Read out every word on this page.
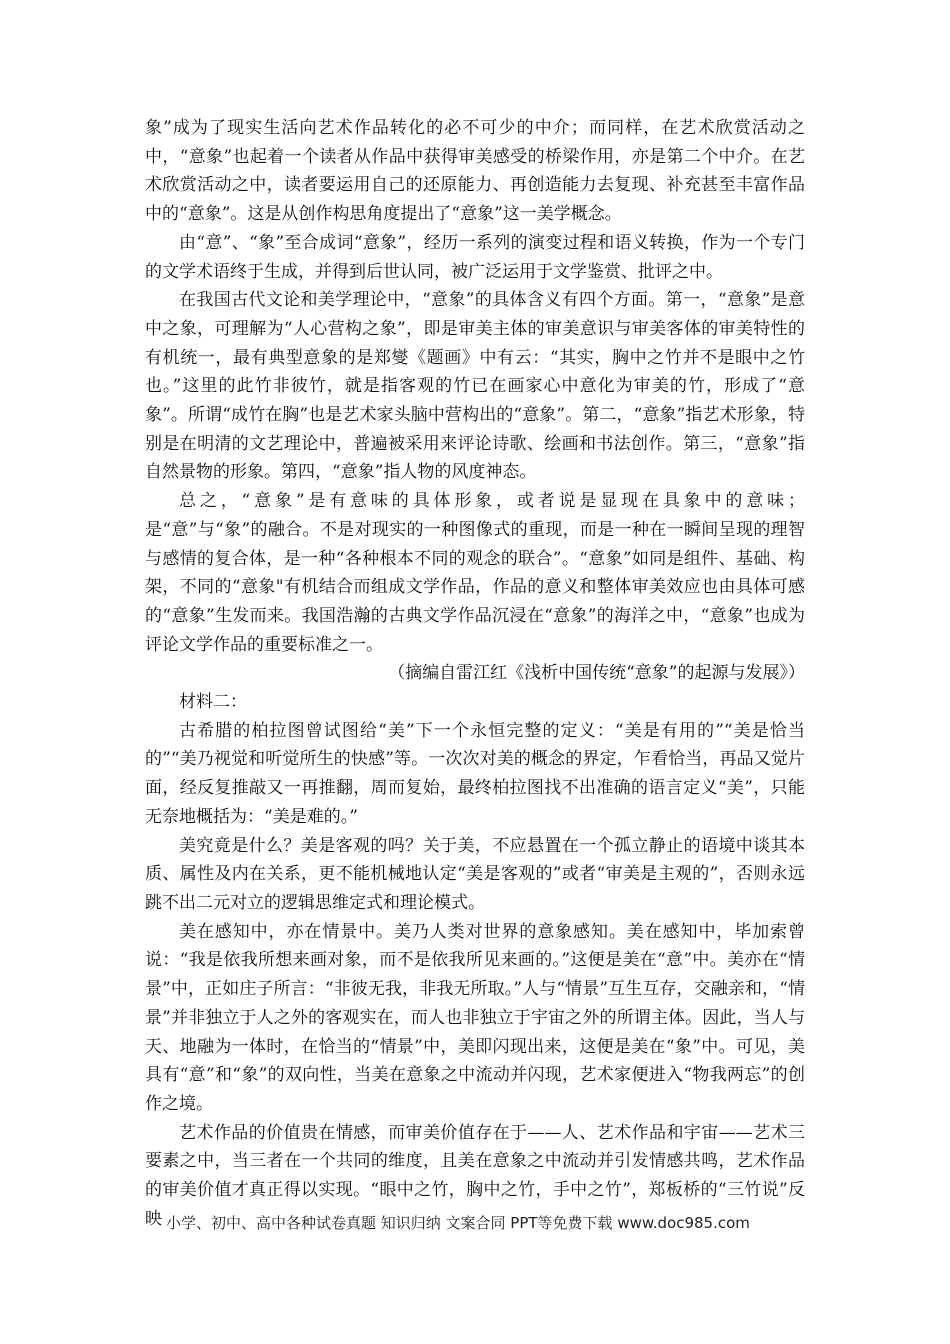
象”成为了现实生活向艺术作品转化的必不可少的中介；而同样，在艺术欣赏活动之中，“意象”也起着一个读者从作品中获得审美感受的桥梁作用，亦是第二个中介。在艺术欣赏活动之中，读者要运用自己的还原能力、再创造能力去复现、补充甚至丰富作品中的“意象”。这是从创作构思角度提出了“意象”这一美学概念。

由“意”、“象”至合成词“意象”，经历一系列的演变过程和语义转换，作为一个专门的文学术语终于生成，并得到后世认同，被广泛运用于文学鉴赏、批评之中。

在我国古代文论和美学理论中，“意象”的具体含义有四个方面。第一，“意象”是意中之象，可理解为“人心营构之象”，即是审美主体的审美意识与审美客体的审美特性的有机统一，最有典型意象的是郑燮《题画》中有云：“其实，胸中之竹并不是眼中之竹也。”这里的此竹非彼竹，就是指客观的竹已在画家心中意化为审美的竹，形成了“意象”。所谓“成竹在胸”也是艺术家头脑中营构出的“意象”。第二，“意象”指艺术形象，特别是在明清的文艺理论中，普遍被采用来评论诗歌、绘画和书法创作。第三，“意象”指自然景物的形象。第四，“意象”指人物的风度神态。

总之，“意象”是有意味的具体形象，或者说是显现在具象中的意味；是“意”与“象”的融合。不是对现实的一种图像式的重现，而是一种在一瞬间呈现的理智与感情的复合体，是一种“各种根本不同的观念的联合”。“意象”如同是组件、基础、构架，不同的“意象"有机结合而组成文学作品，作品的意义和整体审美效应也由具体可感的“意象”生发而来。我国浩瀚的古典文学作品沉浸在“意象”的海洋之中，“意象”也成为评论文学作品的重要标准之一。

（摘编自雷江红《浅析中国传统“意象”的起源与发展》）

材料二：

古希腊的柏拉图曾试图给“美”下一个永恒完整的定义：“美是有用的”“美是恰当的”“美乃视觉和听觉所生的快感”等。一次次对美的概念的界定，乍看恰当，再品又觉片面，经反复推敲又一再推翻，周而复始，最终柏拉图找不出准确的语言定义“美”，只能无奈地概括为：“美是难的。”

美究竟是什么？美是客观的吗？关于美，不应悬置在一个孤立静止的语境中谈其本质、属性及内在关系，更不能机械地认定“美是客观的”或者“审美是主观的”，否则永远跳不出二元对立的逻辑思维定式和理论模式。

美在感知中，亦在情景中。美乃人类对世界的意象感知。美在感知中，毕加索曾说：“我是依我所想来画对象，而不是依我所见来画的。”这便是美在“意”中。美亦在“情景”中，正如庄子所言：“非彼无我，非我无所取。”人与“情景”互生互存，交融亲和，“情景”并非独立于人之外的客观实在，而人也非独立于宇宙之外的所谓主体。因此，当人与天、地融为一体时，在恰当的“情景”中，美即闪现出来，这便是美在“象”中。可见，美具有“意”和“象”的双向性，当美在意象之中流动并闪现，艺术家便进入“物我两忘”的创作之境。

艺术作品的价值贵在情感，而审美价值存在于——人、艺术作品和宇宙——艺术三要素之中，当三者在一个共同的维度，且美在意象之中流动并引发情感共鸣，艺术作品的审美价值才真正得以实现。“眼中之竹，胸中之竹，手中之竹”，郑板桥的“三竹说”反映 小学、初中、高中各种试卷真题 知识归纳 文案合同 PPT等免费下载 www.doc985.com
